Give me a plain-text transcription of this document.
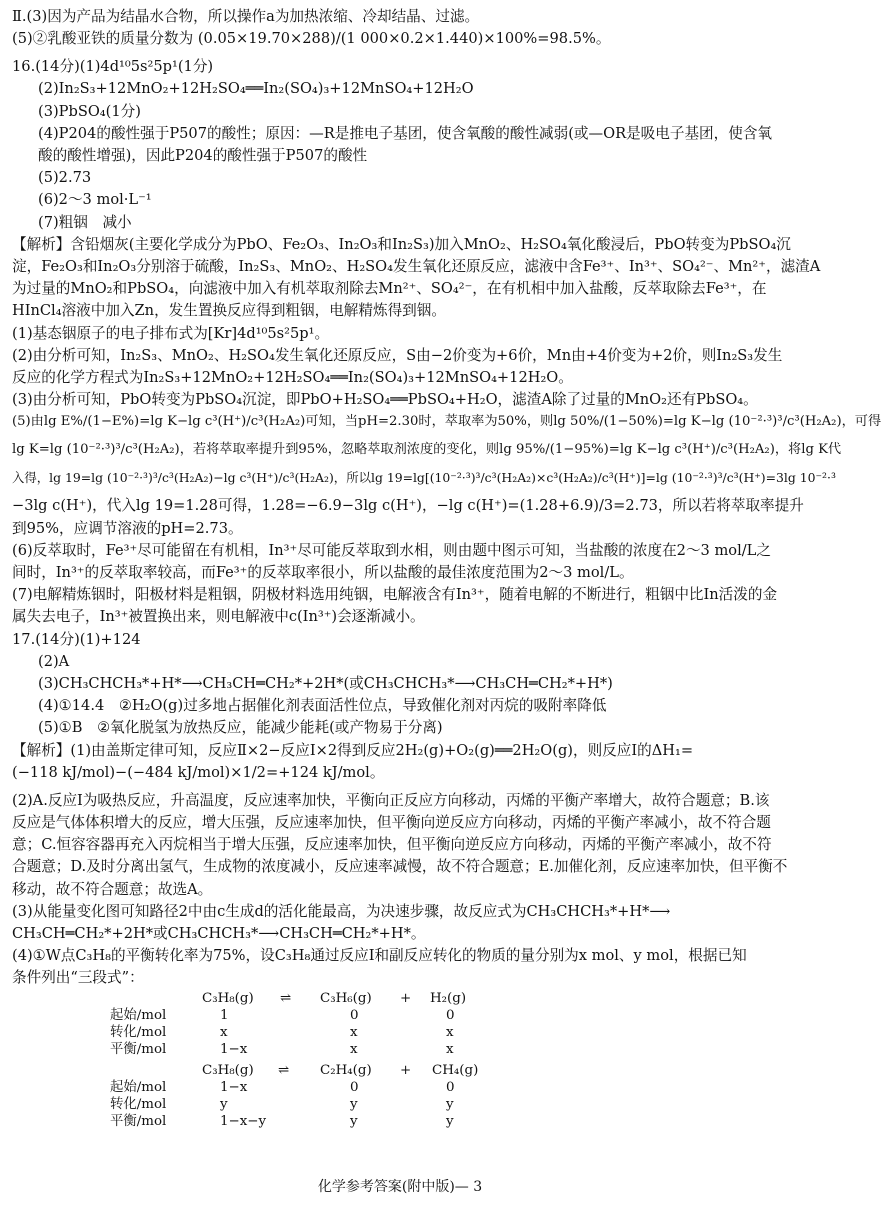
Ⅱ.(3)因为产品为结晶水合物，所以操作a为加热浓缩、冷却结晶、过滤。
(5)②乳酸亚铁的质量分数为 (0.05×19.70×288)/(1 000×0.2×1.440)×100%=98.5%。
16.(14分)(1)4d¹⁰5s²5p¹(1分)
(2)In₂S₃+12MnO₂+12H₂SO₄══In₂(SO₄)₃+12MnSO₄+12H₂O
(3)PbSO₄(1分)
(4)P204的酸性强于P507的酸性；原因：—R是推电子基团，使含氧酸的酸性减弱(或—OR是吸电子基团，使含氧
酸的酸性增强)，因此P204的酸性强于P507的酸性
(5)2.73
(6)2～3 mol·L⁻¹
(7)粗铟　减小
【解析】含铅烟灰(主要化学成分为PbO、Fe₂O₃、In₂O₃和In₂S₃)加入MnO₂、H₂SO₄氧化酸浸后，PbO转变为PbSO₄沉
淀，Fe₂O₃和In₂O₃分别溶于硫酸，In₂S₃、MnO₂、H₂SO₄发生氧化还原反应，滤液中含Fe³⁺、In³⁺、SO₄²⁻、Mn²⁺，滤渣A
为过量的MnO₂和PbSO₄，向滤液中加入有机萃取剂除去Mn²⁺、SO₄²⁻，在有机相中加入盐酸，反萃取除去Fe³⁺，在
HInCl₄溶液中加入Zn，发生置换反应得到粗铟，电解精炼得到铟。
(1)基态铟原子的电子排布式为[Kr]4d¹⁰5s²5p¹。
(2)由分析可知，In₂S₃、MnO₂、H₂SO₄发生氧化还原反应，S由−2价变为+6价，Mn由+4价变为+2价，则In₂S₃发生
反应的化学方程式为In₂S₃+12MnO₂+12H₂SO₄══In₂(SO₄)₃+12MnSO₄+12H₂O。
(3)由分析可知，PbO转变为PbSO₄沉淀，即PbO+H₂SO₄══PbSO₄+H₂O，滤渣A除了过量的MnO₂还有PbSO₄。
(5)由lg E%/(1−E%)=lg K−lg c³(H⁺)/c³(H₂A₂)可知，当pH=2.30时，萃取率为50%，则lg 50%/(1−50%)=lg K−lg (10⁻²·³)³/c³(H₂A₂)，可得
lg K=lg (10⁻²·³)³/c³(H₂A₂)，若将萃取率提升到95%，忽略萃取剂浓度的变化，则lg 95%/(1−95%)=lg K−lg c³(H⁺)/c³(H₂A₂)，将lg K代
入得，lg 19=lg (10⁻²·³)³/c³(H₂A₂)−lg c³(H⁺)/c³(H₂A₂)，所以lg 19=lg[(10⁻²·³)³/c³(H₂A₂)×c³(H₂A₂)/c³(H⁺)]=lg (10⁻²·³)³/c³(H⁺)=3lg 10⁻²·³
−3lg c(H⁺)，代入lg 19=1.28可得，1.28=−6.9−3lg c(H⁺)，−lg c(H⁺)=(1.28+6.9)/3=2.73，所以若将萃取率提升
到95%，应调节溶液的pH=2.73。
(6)反萃取时，Fe³⁺尽可能留在有机相，In³⁺尽可能反萃取到水相，则由题中图示可知，当盐酸的浓度在2～3 mol/L之
间时，In³⁺的反萃取率较高，而Fe³⁺的反萃取率很小，所以盐酸的最佳浓度范围为2～3 mol/L。
(7)电解精炼铟时，阳极材料是粗铟，阴极材料选用纯铟，电解液含有In³⁺，随着电解的不断进行，粗铟中比In活泼的金
属失去电子，In³⁺被置换出来，则电解液中c(In³⁺)会逐渐减小。
17.(14分)(1)+124
(2)A
(3)CH₃CHCH₃*+H*⟶CH₃CH═CH₂*+2H*(或CH₃CHCH₃*⟶CH₃CH═CH₂*+H*)
(4)①14.4　②H₂O(g)过多地占据催化剂表面活性位点，导致催化剂对丙烷的吸附率降低
(5)①B　②氧化脱氢为放热反应，能减少能耗(或产物易于分离)
【解析】(1)由盖斯定律可知，反应Ⅱ×2−反应Ⅰ×2得到反应2H₂(g)+O₂(g)══2H₂O(g)，则反应Ⅰ的ΔH₁=
(−118 kJ/mol)−(−484 kJ/mol)×1/2=+124 kJ/mol。
(2)A.反应Ⅰ为吸热反应，升高温度，反应速率加快，平衡向正反应方向移动，丙烯的平衡产率增大，故符合题意；B.该
反应是气体体积增大的反应，增大压强，反应速率加快，但平衡向逆反应方向移动，丙烯的平衡产率减小，故不符合题
意；C.恒容容器再充入丙烷相当于增大压强，反应速率加快，但平衡向逆反应方向移动，丙烯的平衡产率减小，故不符
合题意；D.及时分离出氢气，生成物的浓度减小，反应速率减慢，故不符合题意；E.加催化剂，反应速率加快，但平衡不
移动，故不符合题意；故选A。
(3)从能量变化图可知路径2中由c生成d的活化能最高，为决速步骤，故反应式为CH₃CHCH₃*+H*⟶
CH₃CH═CH₂*+2H*或CH₃CHCH₃*⟶CH₃CH═CH₂*+H*。
(4)①W点C₃H₈的平衡转化率为75%，设C₃H₈通过反应Ⅰ和副反应转化的物质的量分别为x mol、y mol，根据已知
条件列出“三段式”：
C₃H₈(g) ⇌ C₃H₆(g) + H₂(g)
起始/mol	1	0	0
转化/mol	x	x	x
平衡/mol	1−x	x	x
化学参考答案(附中版)— 3
C₃H₈(g) ⇌ C₂H₄(g) + CH₄(g)
起始/mol	1−x	0	0
转化/mol	y	y	y
平衡/mol	1−x−y	y	y
